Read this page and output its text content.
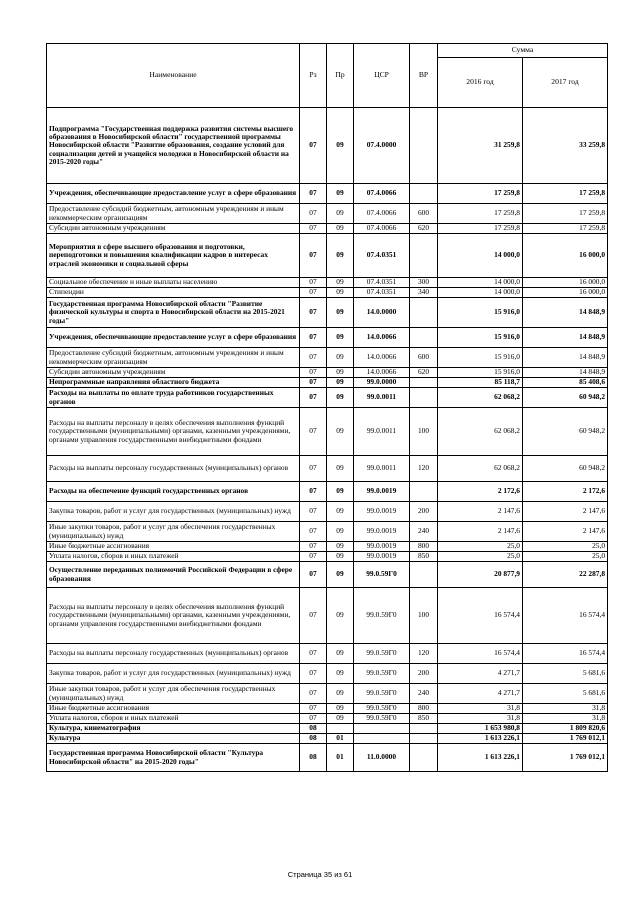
Наименование	Рз	Пр	ЦСР	ВР	Сумма	
					2016 год	2017 год
Подпрограмма "Государственная поддержка развития системы высшего образования в Новосибирской области" государственной программы Новосибирской области "Развитие образования, создание условий для социализации детей и учащейся молодежи в Новосибирской области на 2015-2020 годы"	07	09	07.4.0000		31 259,8	33 259,8
Учреждения, обеспечивающие предоставление услуг в сфере образования	07	09	07.4.0066		17 259,8	17 259,8
Предоставление субсидий бюджетным, автономным учреждениям и иным некоммерческим организациям	07	09	07.4.0066	600	17 259,8	17 259,8
Субсидии автономным учреждениям	07	09	07.4.0066	620	17 259,8	17 259,8
Мероприятия в сфере высшего образования и подготовки, переподготовки и повышения квалификации кадров в интересах отраслей экономики и социальной сферы	07	09	07.4.0351		14 000,0	16 000,0
Социальное обеспечение и иные выплаты населению	07	09	07.4.0351	300	14 000,0	16 000,0
Стипендии	07	09	07.4.0351	340	14 000,0	16 000,0
Государственная программа Новосибирской области "Развитие физической культуры и спорта в Новосибирской области на 2015-2021 годы"	07	09	14.0.0000		15 916,0	14 848,9
Учреждения, обеспечивающие предоставление услуг в сфере образования	07	09	14.0.0066		15 916,0	14 848,9
Предоставление субсидий бюджетным, автономным учреждениям и иным некоммерческим организациям	07	09	14.0.0066	600	15 916,0	14 848,9
Субсидии автономным учреждениям	07	09	14.0.0066	620	15 916,0	14 848,9
Непрограммные направления областного бюджета	07	09	99.0.0000		85 118,7	85 408,6
Расходы на выплаты по оплате труда работников государственных органов	07	09	99.0.0011		62 068,2	60 948,2
Расходы на выплаты персоналу в целях обеспечения выполнения функций государственными (муниципальными) органами, казенными учреждениями, органами управления государственными внебюджетными фондами	07	09	99.0.0011	100	62 068,2	60 948,2
Расходы на выплаты персоналу государственных (муниципальных) органов	07	09	99.0.0011	120	62 068,2	60 948,2
Расходы на обеспечение функций государственных органов	07	09	99.0.0019		2 172,6	2 172,6
Закупка товаров, работ и услуг для государственных (муниципальных) нужд	07	09	99.0.0019	200	2 147,6	2 147,6
Иные закупки товаров, работ и услуг для обеспечения государственных (муниципальных) нужд	07	09	99.0.0019	240	2 147,6	2 147,6
Иные бюджетные ассигнования	07	09	99.0.0019	800	25,0	25,0
Уплата налогов, сборов и иных платежей	07	09	99.0.0019	850	25,0	25,0
Осуществление переданных полномочий Российской Федерации в сфере образования	07	09	99.0.59Г0		20 877,9	22 287,8
Расходы на выплаты персоналу в целях обеспечения выполнения функций государственными (муниципальными) органами, казенными учреждениями, органами управления государственными внебюджетными фондами	07	09	99.0.59Г0	100	16 574,4	16 574,4
Расходы на выплаты персоналу государственных (муниципальных) органов	07	09	99.0.59Г0	120	16 574,4	16 574,4
Закупка товаров, работ и услуг для государственных (муниципальных) нужд	07	09	99.0.59Г0	200	4 271,7	5 681,6
Иные закупки товаров, работ и услуг для обеспечения государственных (муниципальных) нужд	07	09	99.0.59Г0	240	4 271,7	5 681,6
Иные бюджетные ассигнования	07	09	99.0.59Г0	800	31,8	31,8
Уплата налогов, сборов и иных платежей	07	09	99.0.59Г0	850	31,8	31,8
Культура, кинематография	08				1 653 980,8	1 809 820,6
Культура	08	01			1 613 226,1	1 769 012,1
Государственная программа Новосибирской области "Культура Новосибирской области" на 2015-2020 годы"	08	01	11.0.0000		1 613 226,1	1 769 012,1
Страница 35 из 61
